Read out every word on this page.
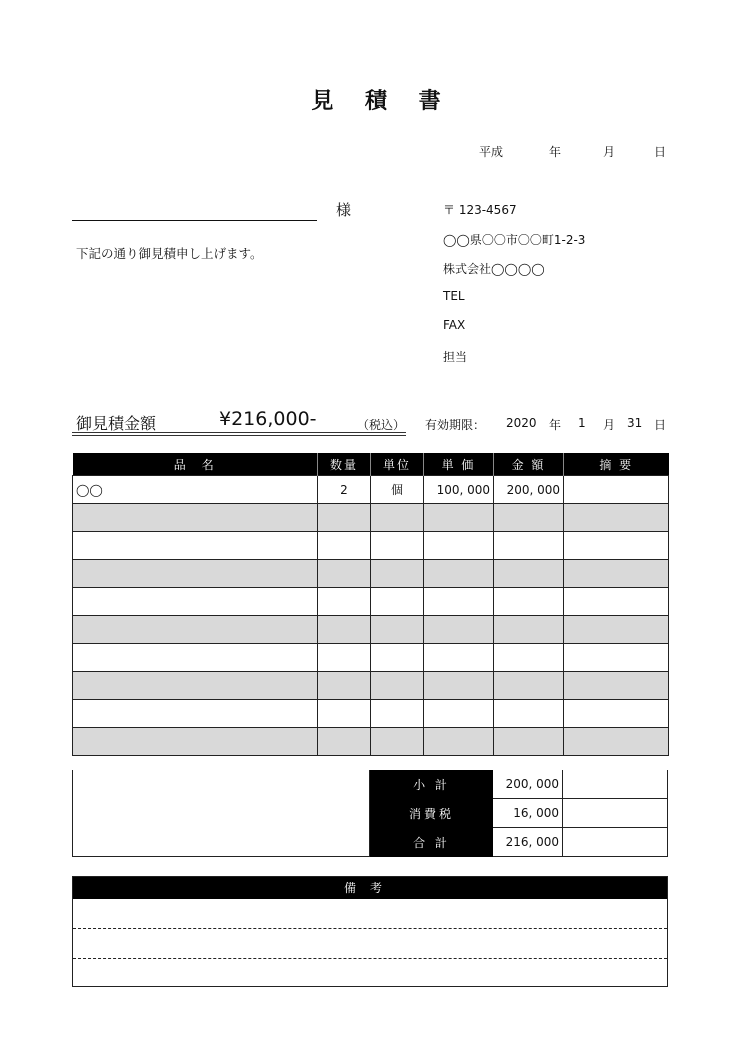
見 積 書
平成	年	月	日
様
下記の通り御見積申し上げます。
〒 123-4567
◯◯県〇〇市〇〇町1-2-3
株式会社◯◯◯◯
TEL
FAX
担当
御見積金額	¥216,000-	（税込） 有効期限： 2020 年 1 月 31 日
品　名	数量	単位	単 価	金 額	摘 要
◯◯	2	個	100, 000	200, 000	

小 計	200, 000
消費税	16, 000
合 計	216, 000
備考
